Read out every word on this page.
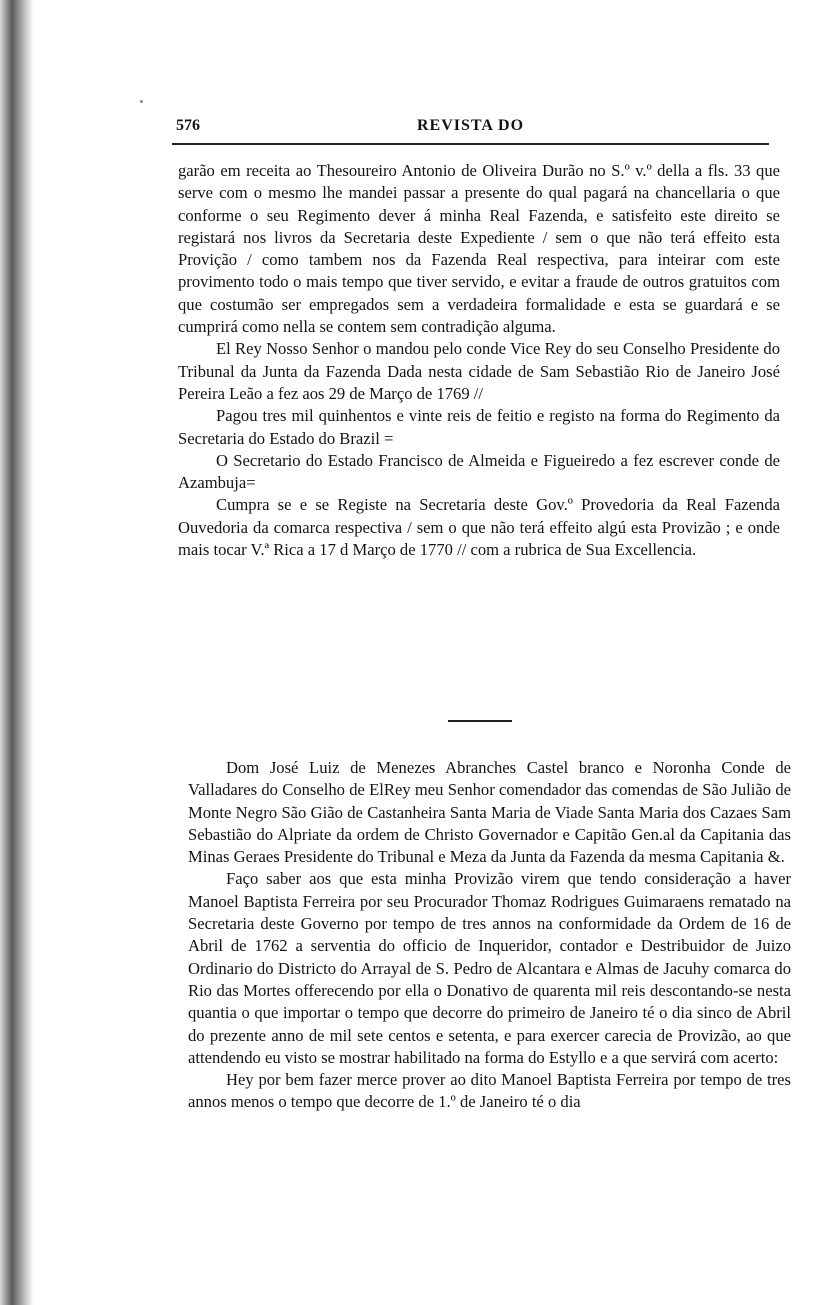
576	REVISTA DO

garão em receita ao Thesoureiro Antonio de Oliveira Durão no S.º v.º della a fls. 33 que serve com o mesmo lhe mandei passar a presente do qual pagará na chancellaria o que conforme o seu Regimento dever á minha Real Fazenda, e satisfeito este direito se registará nos livros da Secretaria deste Expediente / sem o que não terá effeito esta Provição / como tambem nos da Fazenda Real respectiva, para inteirar com este provimento todo o mais tempo que tiver servido, e evitar a fraude de outros gratuitos com que costumão ser empregados sem a verdadeira formalidade e esta se guardará e se cumprirá como nella se contem sem contradição alguma.

El Rey Nosso Senhor o mandou pelo conde Vice Rey do seu Conselho Presidente do Tribunal da Junta da Fazenda Dada nesta cidade de Sam Sebastião Rio de Janeiro José Pereira Leão a fez aos 29 de Março de 1769 //

Pagou tres mil quinhentos e vinte reis de feitio e registo na forma do Regimento da Secretaria do Estado do Brazil =

O Secretario do Estado Francisco de Almeida e Figueiredo a fez escrever conde de Azambuja=

Cumpra se e se Registe na Secretaria deste Gov.º Provedoria da Real Fazenda Ouvedoria da comarca respectiva / sem o que não terá effeito algú esta Provizão ; e onde mais tocar V.ª Rica a 17 d Março de 1770 // com a rubrica de Sua Excellencia.

Dom José Luiz de Menezes Abranches Castel branco e Noronha Conde de Valladares do Conselho de ElRey meu Senhor comendador das comendas de São Julião de Monte Negro São Gião de Castanheira Santa Maria de Viade Santa Maria dos Cazaes Sam Sebastião do Alpriate da ordem de Christo Governador e Capitão Gen.al da Capitania das Minas Geraes Presidente do Tribunal e Meza da Junta da Fazenda da mesma Capitania &.

Faço saber aos que esta minha Provizão virem que tendo consideração a haver Manoel Baptista Ferreira por seu Procurador Thomaz Rodrigues Guimaraens rematado na Secretaria deste Governo por tempo de tres annos na conformidade da Ordem de 16 de Abril de 1762 a serventia do officio de Inqueridor, contador e Destribuidor de Juizo Ordinario do Districto do Arrayal de S. Pedro de Alcantara e Almas de Jacuhy comarca do Rio das Mortes offerecendo por ella o Donativo de quarenta mil reis descontando-se nesta quantia o que importar o tempo que decorre do primeiro de Janeiro té o dia sinco de Abril do prezente anno de mil sete centos e setenta, e para exercer carecia de Provizão, ao que attendendo eu visto se mostrar habilitado na forma do Estyllo e a que servirá com acerto:

Hey por bem fazer merce prover ao dito Manoel Baptista Ferreira por tempo de tres annos menos o tempo que decorre de 1.º de Janeiro té o dia
